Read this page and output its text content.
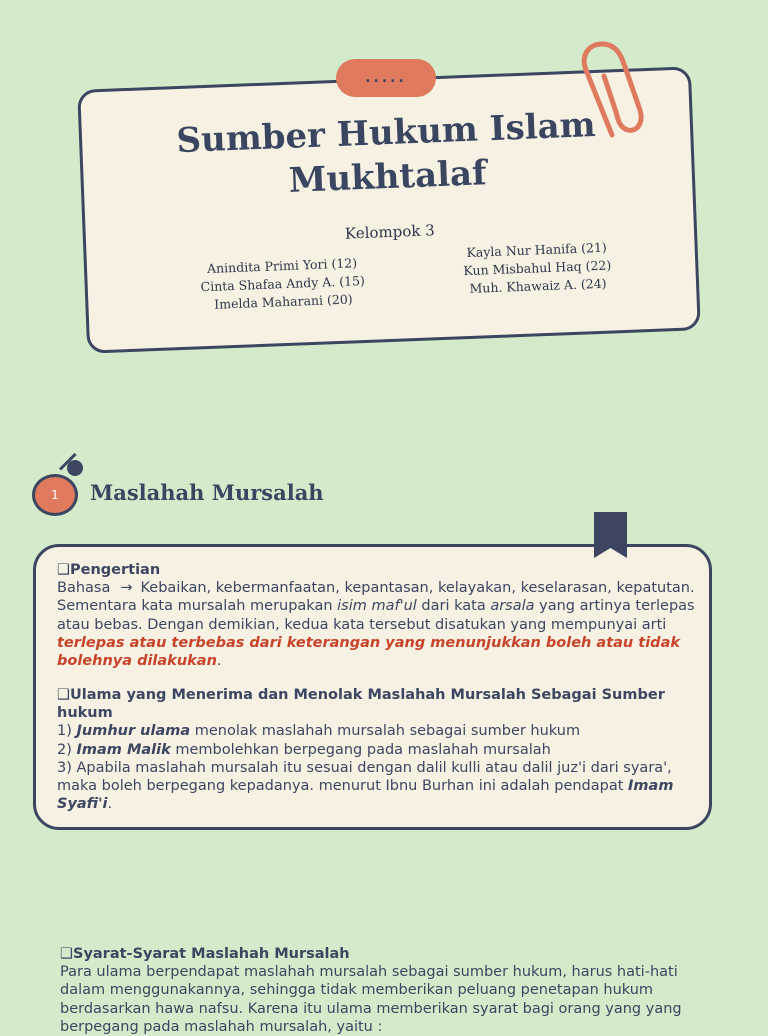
.....
Sumber Hukum Islam
Mukhtalaf
Kelompok 3
Anindita Primi Yori (12)
Cinta Shafaa Andy A. (15)
Imelda Maharani (20)
Kayla Nur Hanifa (21)
Kun Misbahul Haq (22)
Muh. Khawaiz A. (24)
1 Maslahah Mursalah

❑Pengertian

Bahasa → Kebaikan, kebermanfaatan, kepantasan, kelayakan, keselarasan, kepatutan.

Sementara kata mursalah merupakan isim maf'ul dari kata arsala yang artinya terlepas atau bebas. Dengan demikian, kedua kata tersebut disatukan yang mempunyai arti terlepas atau terbebas dari keterangan yang menunjukkan boleh atau tidak bolehnya dilakukan.

❑Ulama yang Menerima dan Menolak Maslahah Mursalah Sebagai Sumber hukum

1) Jumhur ulama menolak maslahah mursalah sebagai sumber hukum

2) Imam Malik membolehkan berpegang pada maslahah mursalah

3) Apabila maslahah mursalah itu sesuai dengan dalil kulli atau dalil juz'i dari syara', maka boleh berpegang kepadanya. menurut Ibnu Burhan ini adalah pendapat Imam Syafi'i.

❑Syarat-Syarat Maslahah Mursalah

Para ulama berpendapat maslahah mursalah sebagai sumber hukum, harus hati-hati dalam menggunakannya, sehingga tidak memberikan peluang penetapan hukum berdasarkan hawa nafsu. Karena itu ulama memberikan syarat bagi orang yang yang berpegang pada maslahah mursalah, yaitu :
